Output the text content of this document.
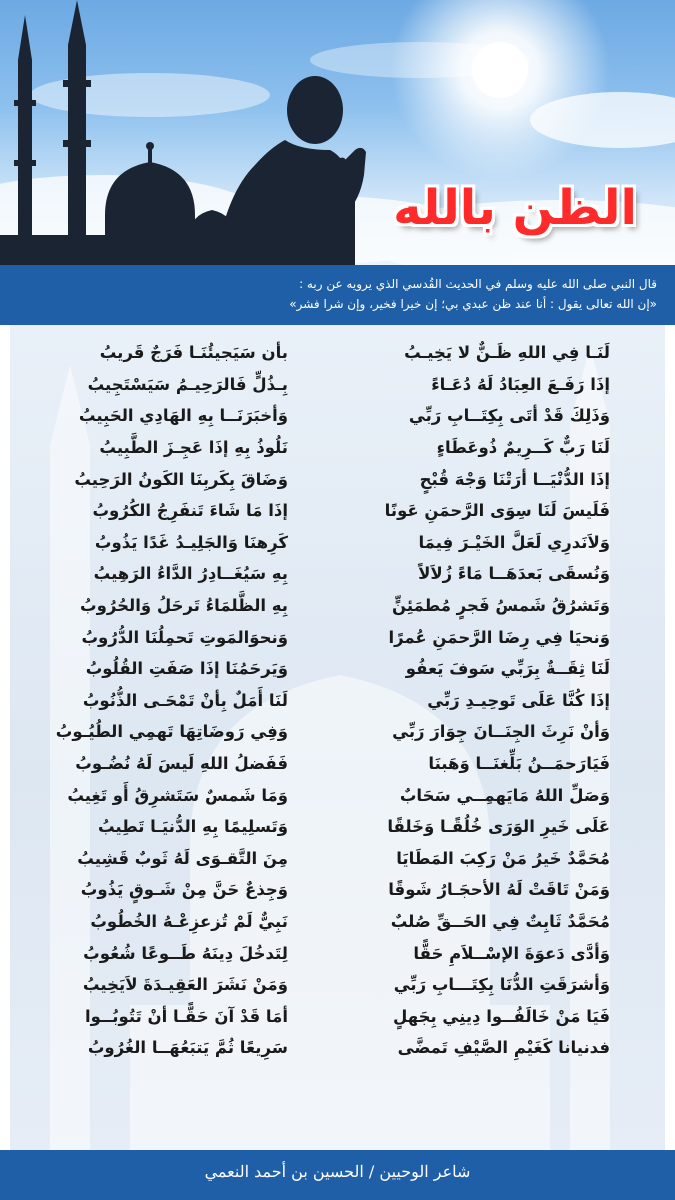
الظن بالله
قال النبي صلى الله عليه وسلم في الحديث القُدسي الذي يرويه عن ربه :
«إن الله تعالى يقول : أنا عند ظن عبدي بي؛ إن خيرا فخير، وإن شرا فشر»
لَنَـا فِي اللهِ ظَـنٌّ لا يَخِيـبُ
بأن سَيَجيئُنَـا فَرَجٌ قَريبُ
إذَا رَفَـعَ العِبَادُ لَهُ دُعَـاءً
بِـذُلٍّ فَالرَحِيـمُ سَيَسْتَجِيبُ
وَذَلِكَ قَدْ أتَى بِكِتَــابِ رَبِّي
وَأخبَرَنَــا بِهِ الهَادِي الحَبِيبُ
لَنَا رَبٌّ كَــرِيمٌ ذُوعَطَاءٍ
نَلُوذُ بِهِ إذَا عَجِـزَ الطَّبِيبُ
إذَا الدُّنْيَــا أرَتْنَا وَجْهَ قُبْحٍ
وَضَاقَ بِكَربِنَا الكَونُ الرَحِيبُ
فَلَيسَ لَنَا سِوَى الرَّحمَنِ عَونًا
إذَا مَا شَاءَ تَنفَرِجُ الكُرُوبُ
وَلاَنَدرِي لَعَلَّ الخَيْـرَ فِيمَا
كَرِهنَا وَالجَلِيـدُ غَدًا يَذُوبُ
وَنُسقَى بَعدَهَــا مَاءً زُلاَلاً
بِهِ سَيُغَــادِرُ الدَّاءُ الرَهِيبُ
وَتَشرُقُ شَمسُ فَجرٍ مُطمَئِنٍّ
بِهِ الظَّلمَاءُ تَرحَلُ وَالحُرُوبُ
وَنحيَا فِي رِضَا الرَّحمَنِ عُمرًا
وَنحوَالمَوتِ تَحمِلُنَا الدُّرُوبُ
لَنَا ثِقَــةٌ بِرَبِّي سَوفَ يَعفُو
وَيَرحَمُنَا إذَا صَفَتِ القُلُوبُ
إذَا كُنَّا عَلَى تَوحِيـدِ رَبِّي
لَنَا أَمَلٌ بِأنْ تَمْحَـى الذُّنُوبُ
وَأنْ نَرِثَ الجِنَــانَ جِوَارَ رَبِّي
وَفِي رَوضَاتِهَا تَهمِي الطُيُـوبُ
فَيَارَحمَــنُ بَلِّغنَــا وَهَبنَا
فَفَضلُ اللهِ لَيسَ لَهُ نُضُـوبُ
وَصَلِّ اللهُ مَايَهمِــي سَحَابٌ
وَمَا شَمسٌ سَتَشرِقُ أَو تَغِيبُ
عَلَى خَيرِ الوَرَى خُلُقًـا وَخَلقًا
وَتَسلِيمًا بِهِ الدُّنيَـا تَطِيبُ
مُحَمَّدٌ خَيرُ مَنْ رَكِبَ المَطَايَا
مِنَ التَّقـوَى لَهُ ثَوبٌ قَشِيبُ
وَمَنْ تَاقَتْ لَهُ الأحجَـارُ شَوقًا
وَجِذعٌ حَنَّ مِنْ شَـوقٍ يَذُوبُ
مُحَمَّدٌ ثَابِتٌ فِي الحَــقِّ صُلبٌ
نَبِيٌّ لَمْ تُزعزِعْـهُ الخُطُوبُ
وَأدَّى دَعوَةَ الإسْــلاَمِ حَقًّا
لِتَدخُلَ دِينَهُ طَــوعًا شُعُوبُ
وَأشرَقَتِ الدُّنَا بِكِتَـــابِ رَبِّي
وَمَنْ نَشَرَ العَقِيـدَةَ لاَيَخِيبُ
فَيَا مَنْ خَالَفُــوا دِينِي بِجَهلٍ
أمَا قَدْ آنَ حَقًّـا أنْ تَتُوبُــوا
فدنيانا كَغَيْمِ الصَّيْفِ تَمضَّى
سَرِيعًا ثُمَّ يَتبَعُهَــا الغُرُوبُ
شاعر الوحيين / الحسين بن أحمد النعمي
